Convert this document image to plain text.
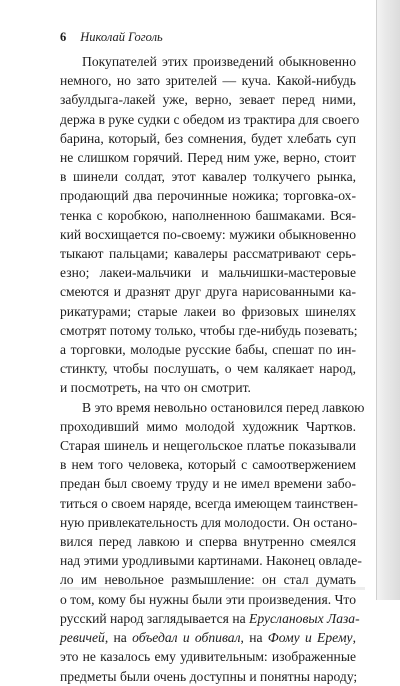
6 Николай Гоголь
Покупателей этих произведений обыкновенно
немного, но зато зрителей — куча. Какой-нибудь
забулдыга-лакей уже, верно, зевает перед ними,
держа в руке судки с обедом из трактира для своего
барина, который, без сомнения, будет хлебать суп
не слишком горячий. Перед ним уже, верно, стоит
в шинели солдат, этот кавалер толкучего рынка,
продающий два перочинные ножика; торговка-ох-
тенка с коробкою, наполненною башмаками. Вся-
кий восхищается по-своему: мужики обыкновенно
тыкают пальцами; кавалеры рассматривают серь-
езно; лакеи-мальчики и мальчишки-мастеровые
смеются и дразнят друг друга нарисованными ка-
рикатурами; старые лакеи во фризовых шинелях
смотрят потому только, чтобы где-нибудь позевать;
а торговки, молодые русские бабы, спешат по ин-
стинкту, чтобы послушать, о чем калякает народ,
и посмотреть, на что он смотрит.
В это время невольно остановился перед лавкою
проходивший мимо молодой художник Чартков.
Старая шинель и нещегольское платье показывали
в нем того человека, который с самоотвержением
предан был своему труду и не имел времени забо-
титься о своем наряде, всегда имеющем таинствен-
ную привлекательность для молодости. Он остано-
вился перед лавкою и сперва внутренно смеялся
над этими уродливыми картинами. Наконец овладе-
ло им невольное размышление: он стал думать
о том, кому бы нужны были эти произведения. Что
русский народ заглядывается на Еруслановых Лаза-
ревичей, на объедал и обпивал, на Фому и Ерему,
это не казалось ему удивительным: изображенные
предметы были очень доступны и понятны народу;
